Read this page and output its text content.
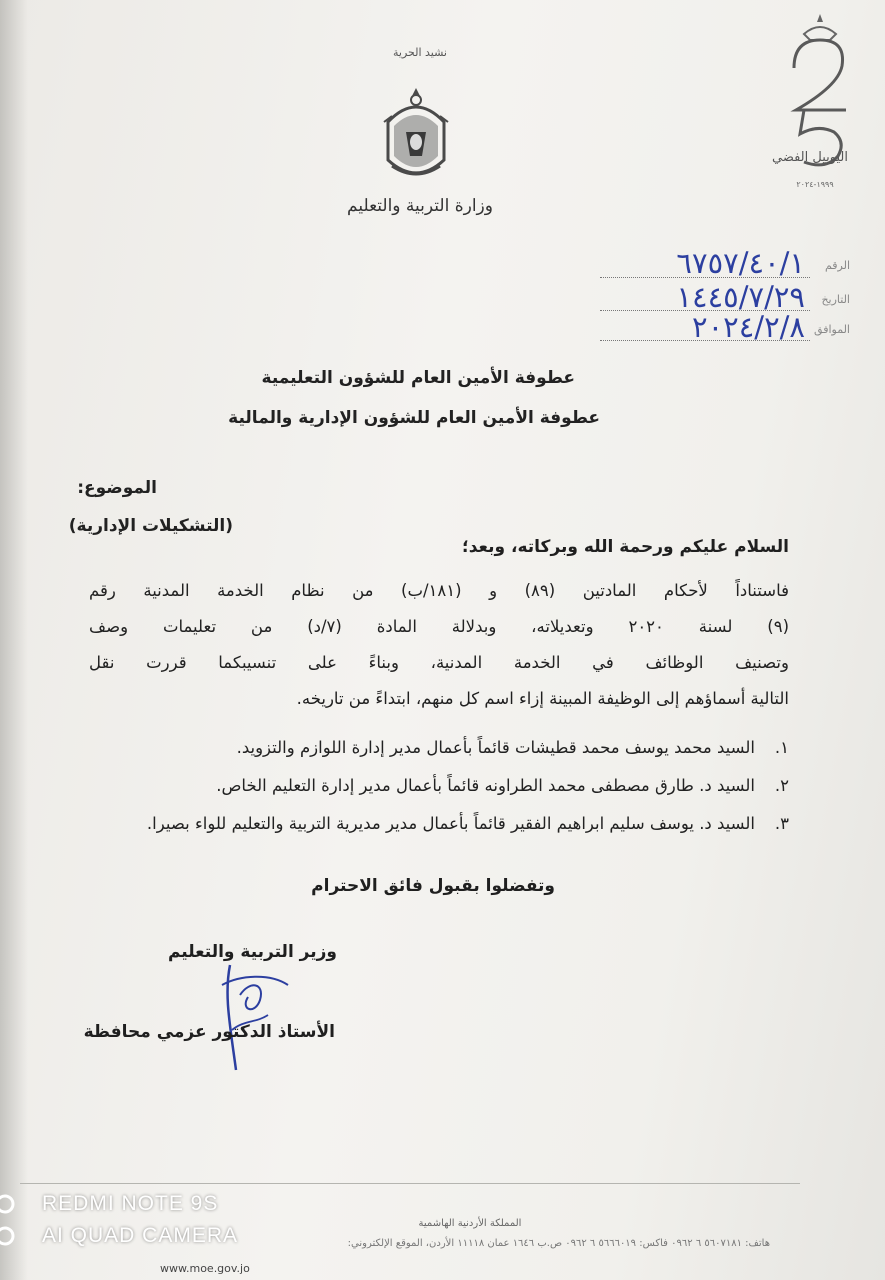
نشيد الحرية
وزارة التربية والتعليم
اليوبيل الفضي
١٩٩٩-٢٠٢٤
الرقم
٦٧٥٧/٤٠/١
التاريخ
١٤٤٥/٧/٢٩
الموافق
٢٠٢٤/٢/٨
عطوفة الأمين العام للشؤون التعليمية
عطوفة الأمين العام للشؤون الإدارية والمالية
الموضوع:
(التشكيلات الإدارية)
السلام عليكم ورحمة الله وبركاته، وبعد؛
فاستناداً لأحكام المادتين (٨٩) و (١٨١/ب) من نظام الخدمة المدنية رقم
(٩) لسنة ٢٠٢٠ وتعديلاته، وبدلالة المادة (٧/د) من تعليمات وصف
وتصنيف الوظائف في الخدمة المدنية، وبناءً على تنسيبكما قررت نقل
التالية أسماؤهم إلى الوظيفة المبينة إزاء اسم كل منهم، ابتداءً من تاريخه.
١.السيد محمد يوسف محمد قطيشات قائماً بأعمال مدير إدارة اللوازم والتزويد.
٢.السيد د. طارق مصطفى محمد الطراونه قائماً بأعمال مدير إدارة التعليم الخاص.
٣.السيد د. يوسف سليم ابراهيم الفقير قائماً بأعمال مدير مديرية التربية والتعليم للواء بصيرا.
وتفضلوا بقبول فائق الاحترام
وزير التربية والتعليم
الأستاذ الدكتور عزمي محافظة
المملكة الأردنية الهاشمية
هاتف: ٥٦٠٧١٨١ ٦ ٠٩٦٢ فاكس: ٥٦٦٦٠١٩ ٦ ٠٩٦٢ ص.ب ١٦٤٦ عمان ١١١١٨ الأردن، الموقع الإلكتروني:
www.moe.gov.jo
REDMI NOTE 9S
AI QUAD CAMERA
